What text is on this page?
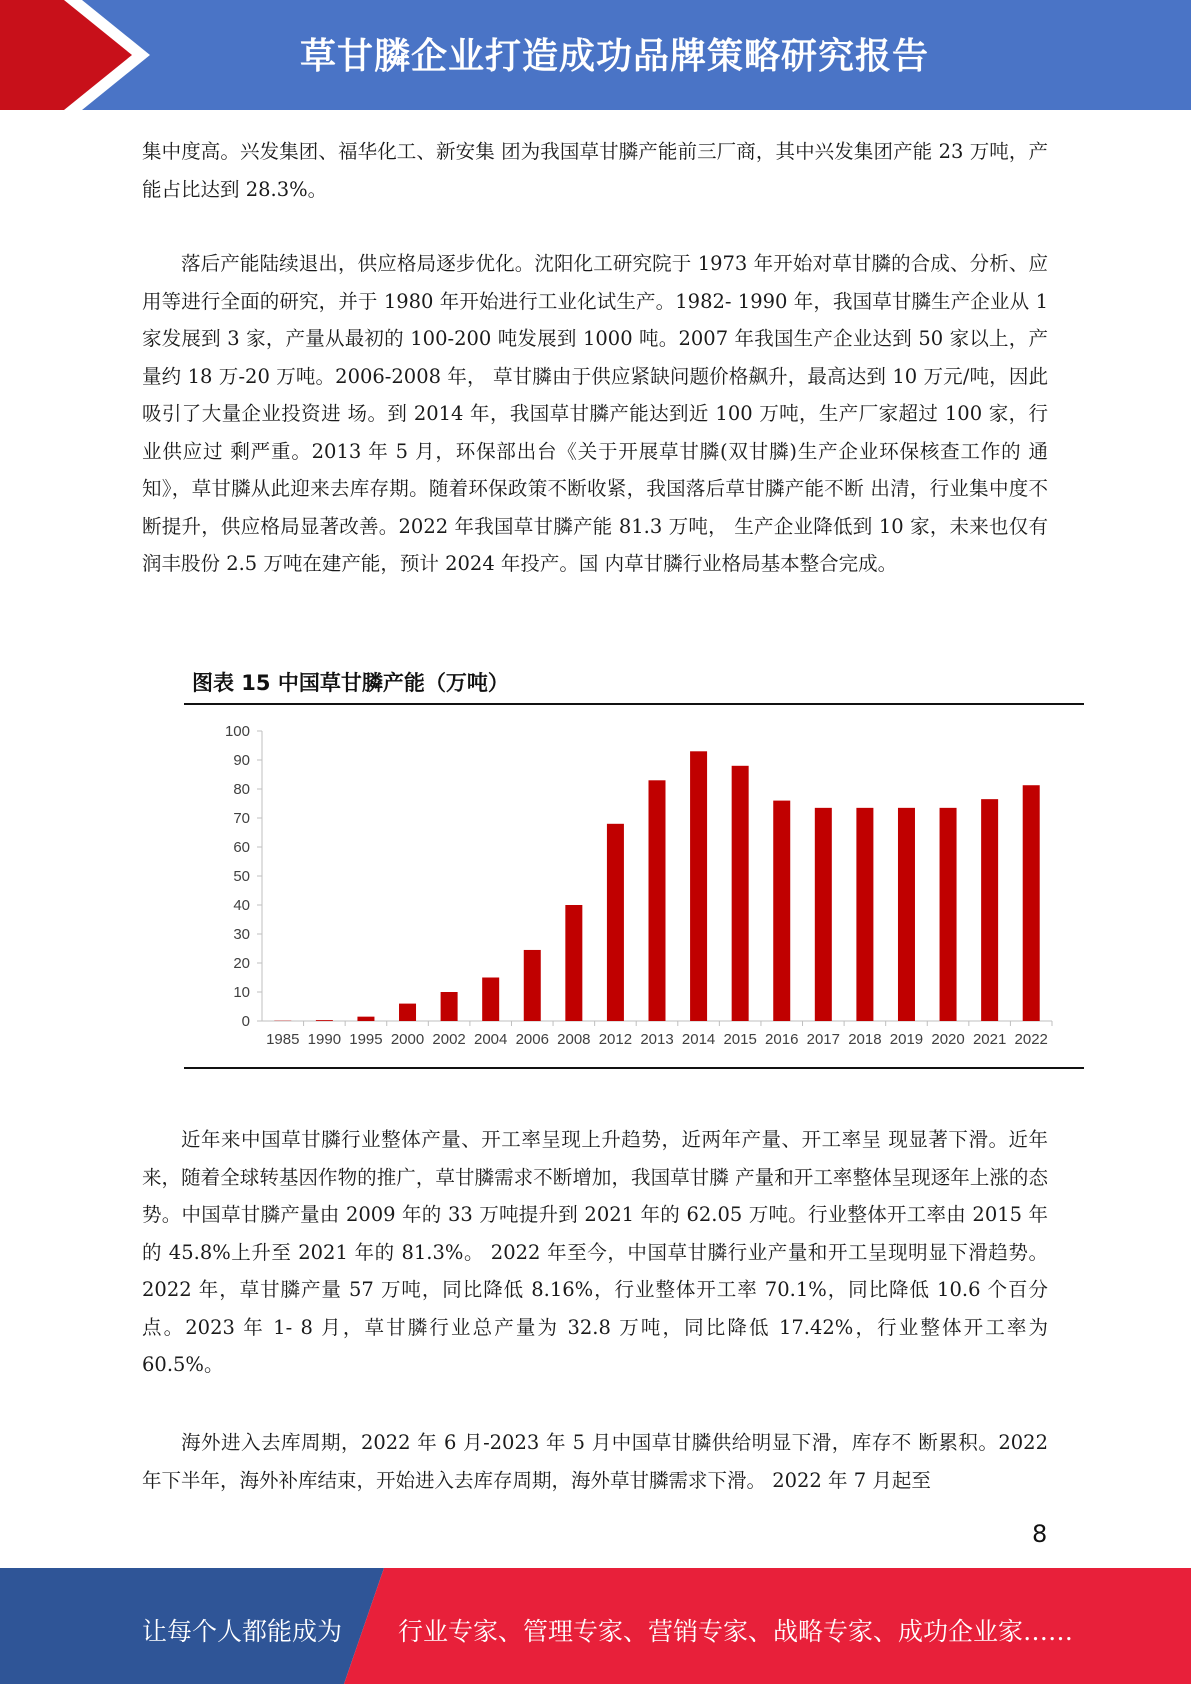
草甘膦企业打造成功品牌策略研究报告

集中度高。兴发集团、福华化工、新安集 团为我国草甘膦产能前三厂商，其中兴发集团产能 23 万吨，产能占比达到 28.3%。

落后产能陆续退出，供应格局逐步优化。沈阳化工研究院于 1973 年开始对草甘膦的合成、分析、应用等进行全面的研究，并于 1980 年开始进行工业化试生产。1982- 1990 年，我国草甘膦生产企业从 1 家发展到 3 家，产量从最初的 100-200 吨发展到 1000 吨。2007 年我国生产企业达到 50 家以上，产量约 18 万-20 万吨。2006-2008 年， 草甘膦由于供应紧缺问题价格飙升，最高达到 10 万元/吨，因此吸引了大量企业投资进 场。到 2014 年，我国草甘膦产能达到近 100 万吨，生产厂家超过 100 家，行业供应过 剩严重。2013 年 5 月，环保部出台《关于开展草甘膦(双甘膦)生产企业环保核查工作的 通知》，草甘膦从此迎来去库存期。随着环保政策不断收紧，我国落后草甘膦产能不断 出清，行业集中度不断提升，供应格局显著改善。2022 年我国草甘膦产能 81.3 万吨， 生产企业降低到 10 家，未来也仅有润丰股份 2.5 万吨在建产能，预计 2024 年投产。国 内草甘膦行业格局基本整合完成。

图表 15 中国草甘膦产能（万吨）
0
10
20
30
40
50
60
70
80
90
100
1985 1990 1995 2000 2002 2004 2006 2008 2012 2013 2014 2015 2016 2017 2018 2019 2020 2021 2022

近年来中国草甘膦行业整体产量、开工率呈现上升趋势，近两年产量、开工率呈 现显著下滑。近年来，随着全球转基因作物的推广，草甘膦需求不断增加，我国草甘膦 产量和开工率整体呈现逐年上涨的态势。中国草甘膦产量由 2009 年的 33 万吨提升到 2021 年的 62.05 万吨。行业整体开工率由 2015 年的 45.8%上升至 2021 年的 81.3%。 2022 年至今，中国草甘膦行业产量和开工呈现明显下滑趋势。2022 年，草甘膦产量 57 万吨，同比降低 8.16%，行业整体开工率 70.1%，同比降低 10.6 个百分点。2023 年 1- 8 月，草甘膦行业总产量为 32.8 万吨，同比降低 17.42%，行业整体开工率为 60.5%。

海外进入去库周期，2022 年 6 月-2023 年 5 月中国草甘膦供给明显下滑，库存不 断累积。2022 年下半年，海外补库结束，开始进入去库存周期，海外草甘膦需求下滑。 2022 年 7 月起至

8
让每个人都能成为 行业专家、管理专家、营销专家、战略专家、成功企业家……
